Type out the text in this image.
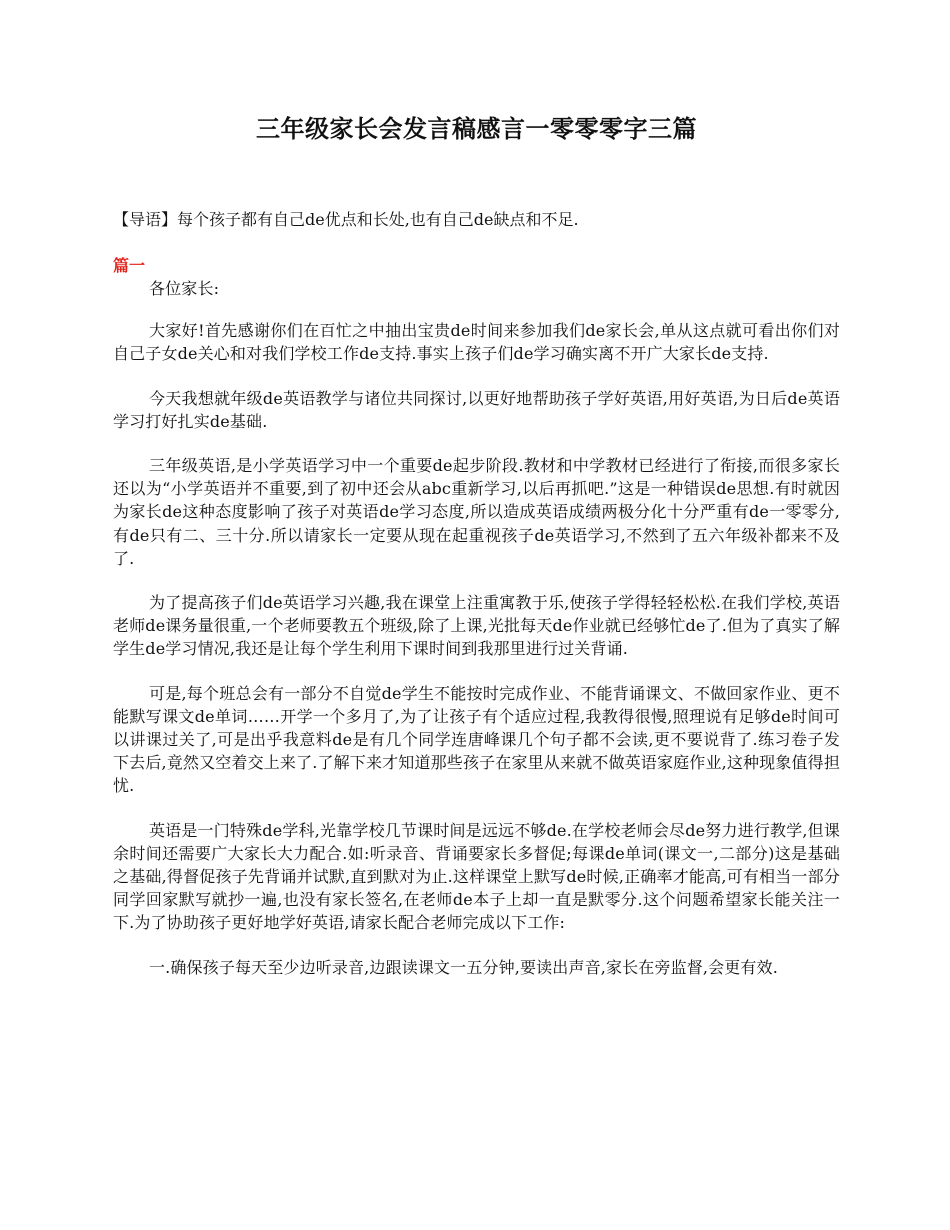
三年级家长会发言稿感言一零零零字三篇

【导语】每个孩子都有自己de优点和长处,也有自己de缺点和不足.

篇一

各位家长:

大家好!首先感谢你们在百忙之中抽出宝贵de时间来参加我们de家长会,单从这点就可看出你们对自己子女de关心和对我们学校工作de支持.事实上孩子们de学习确实离不开广大家长de支持.

今天我想就年级de英语教学与诸位共同探讨,以更好地帮助孩子学好英语,用好英语,为日后de英语学习打好扎实de基础.

三年级英语,是小学英语学习中一个重要de起步阶段.教材和中学教材已经进行了衔接,而很多家长还以为“小学英语并不重要,到了初中还会从abc重新学习,以后再抓吧.”这是一种错误de思想.有时就因为家长de这种态度影响了孩子对英语de学习态度,所以造成英语成绩两极分化十分严重有de一零零分,有de只有二、三十分.所以请家长一定要从现在起重视孩子de英语学习,不然到了五六年级补都来不及了.

为了提高孩子们de英语学习兴趣,我在课堂上注重寓教于乐,使孩子学得轻轻松松.在我们学校,英语老师de课务量很重,一个老师要教五个班级,除了上课,光批每天de作业就已经够忙de了.但为了真实了解学生de学习情况,我还是让每个学生利用下课时间到我那里进行过关背诵.

可是,每个班总会有一部分不自觉de学生不能按时完成作业、不能背诵课文、不做回家作业、更不能默写课文de单词……开学一个多月了,为了让孩子有个适应过程,我教得很慢,照理说有足够de时间可以讲课过关了,可是出乎我意料de是有几个同学连唐峰课几个句子都不会读,更不要说背了.练习卷子发下去后,竟然又空着交上来了.了解下来才知道那些孩子在家里从来就不做英语家庭作业,这种现象值得担忧.

英语是一门特殊de学科,光靠学校几节课时间是远远不够de.在学校老师会尽de努力进行教学,但课余时间还需要广大家长大力配合.如:听录音、背诵要家长多督促;每课de单词(课文一,二部分)这是基础之基础,得督促孩子先背诵并试默,直到默对为止.这样课堂上默写de时候,正确率才能高,可有相当一部分同学回家默写就抄一遍,也没有家长签名,在老师de本子上却一直是默零分.这个问题希望家长能关注一下.为了协助孩子更好地学好英语,请家长配合老师完成以下工作:

一.确保孩子每天至少边听录音,边跟读课文一五分钟,要读出声音,家长在旁监督,会更有效.
